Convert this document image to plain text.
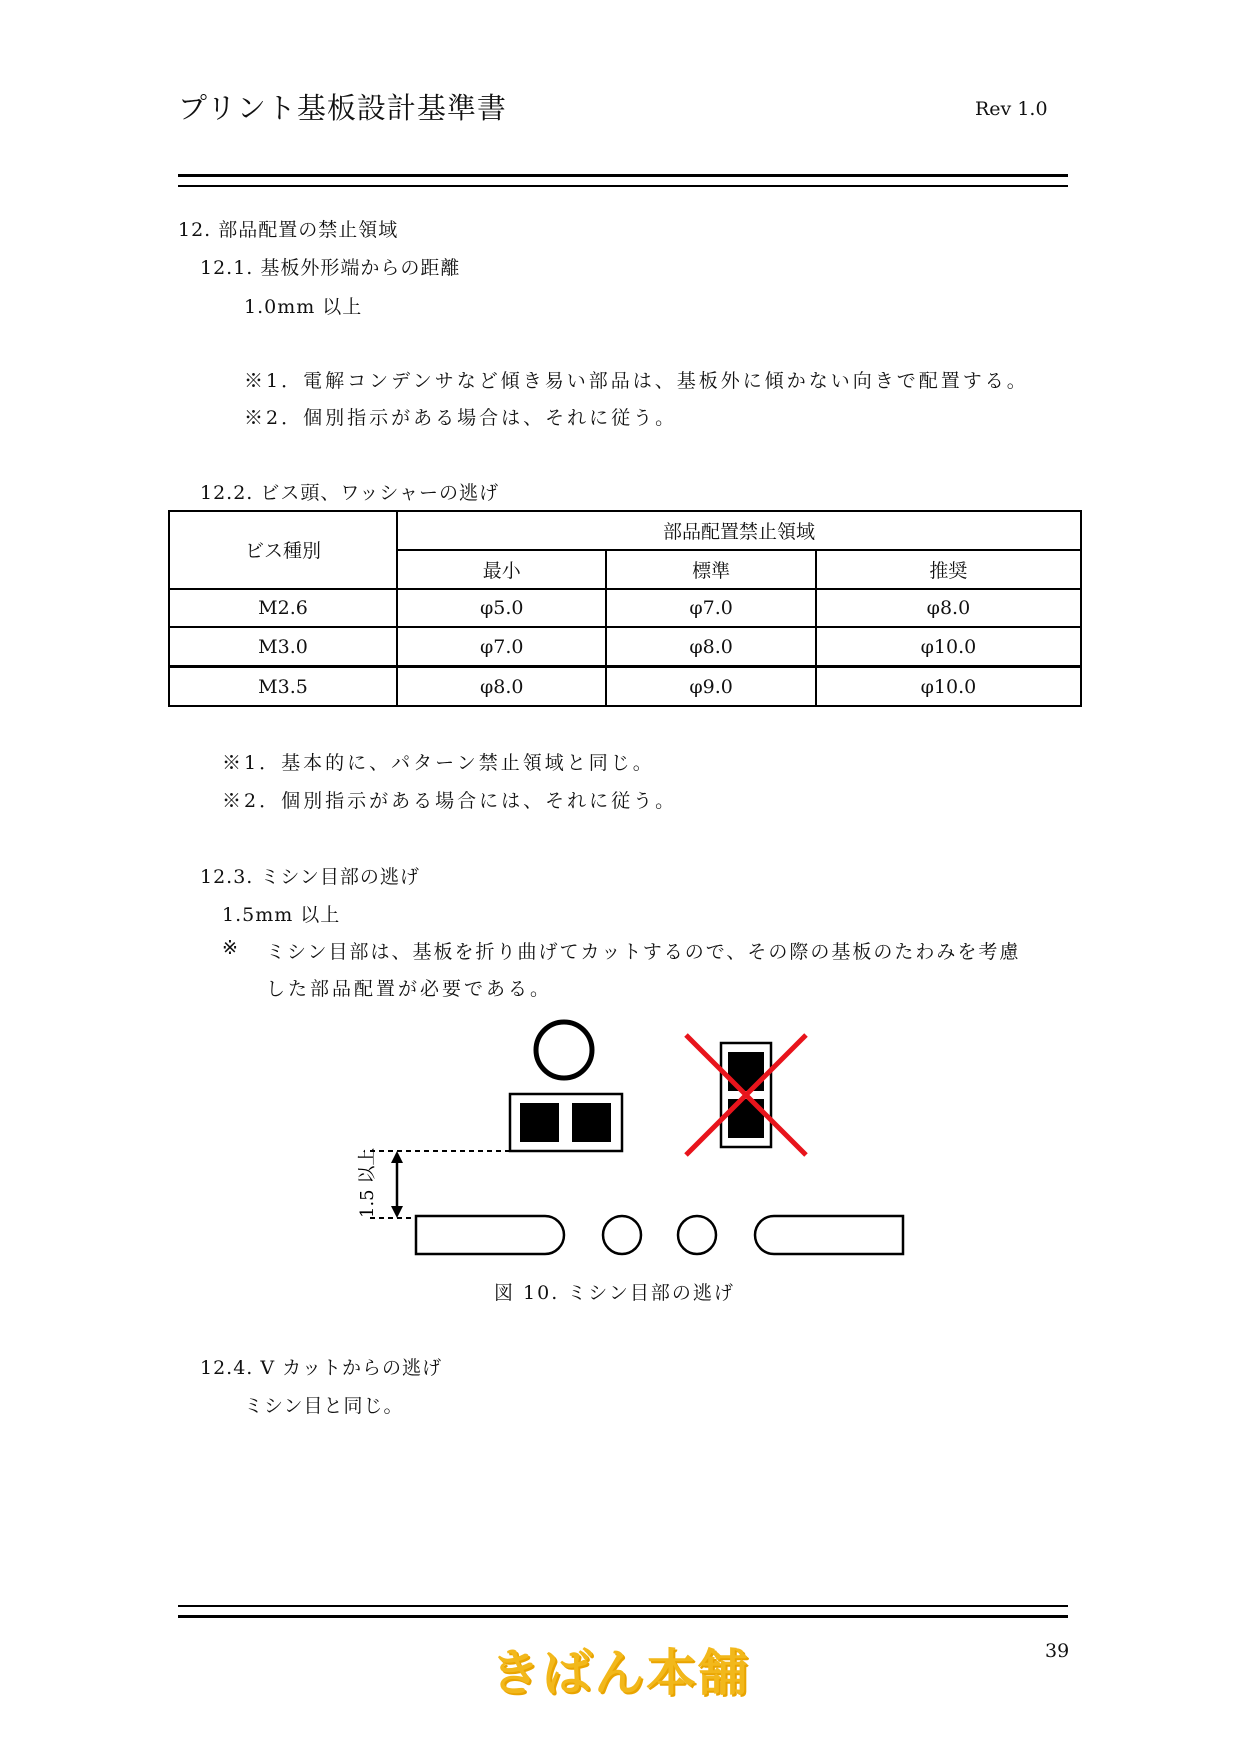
プリント基板設計基準書	Rev 1.0
12. 部品配置の禁止領域
12.1. 基板外形端からの距離
1.0mm 以上
※1．電解コンデンサなど傾き易い部品は、基板外に傾かない向きで配置する。
※2．個別指示がある場合は、それに従う。
12.2. ビス頭、ワッシャーの逃げ
ビス種別	部品配置禁止領域		
	最小	標準	推奨
M2.6	φ5.0	φ7.0	φ8.0
M3.0	φ7.0	φ8.0	φ10.0
M3.5	φ8.0	φ9.0	φ10.0
※1．基本的に、パターン禁止領域と同じ。
※2．個別指示がある場合には、それに従う。
12.3. ミシン目部の逃げ
1.5mm 以上
※ ミシン目部は、基板を折り曲げてカットするので、その際の基板のたわみを考慮
した部品配置が必要である。
1.5 以上
図 10. ミシン目部の逃げ
12.4. V カットからの逃げ
ミシン目と同じ。
きばん本舗	39
